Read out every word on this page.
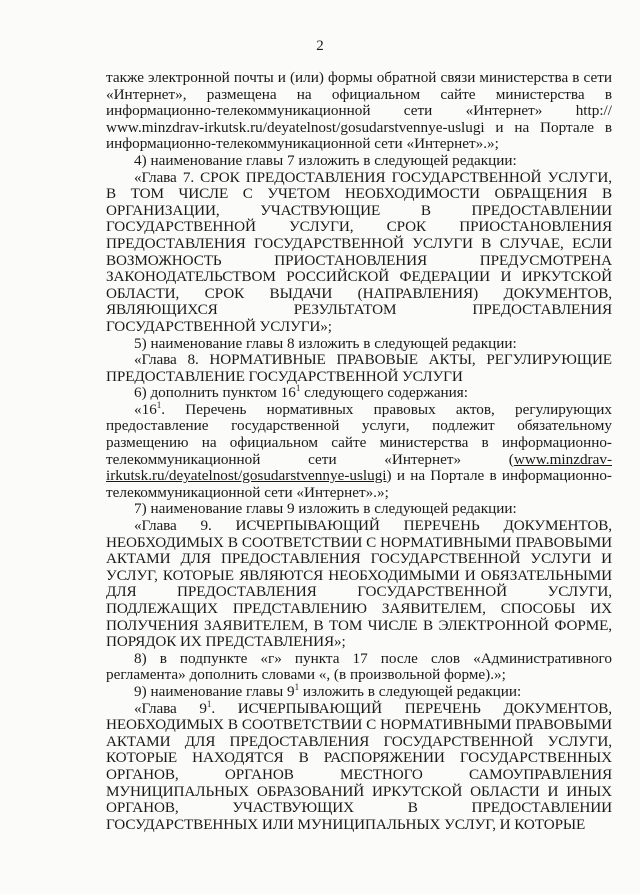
2

также электронной почты и (или) формы обратной связи министерства в сети «Интернет», размещена на официальном сайте министерства в информационно-телекоммуникационной сети «Интернет» http:// www.minzdrav-irkutsk.ru/deyatelnost/gosudarstvennye-uslugi и на Портале в информационно-телекоммуникационной сети «Интернет».»;

4) наименование главы 7 изложить в следующей редакции:

«Глава 7. СРОК ПРЕДОСТАВЛЕНИЯ ГОСУДАРСТВЕННОЙ УСЛУГИ, В ТОМ ЧИСЛЕ С УЧЕТОМ НЕОБХОДИМОСТИ ОБРАЩЕНИЯ В ОРГАНИЗАЦИИ, УЧАСТВУЮЩИЕ В ПРЕДОСТАВЛЕНИИ ГОСУДАРСТВЕННОЙ УСЛУГИ, СРОК ПРИОСТАНОВЛЕНИЯ ПРЕДОСТАВЛЕНИЯ ГОСУДАРСТВЕННОЙ УСЛУГИ В СЛУЧАЕ, ЕСЛИ ВОЗМОЖНОСТЬ ПРИОСТАНОВЛЕНИЯ ПРЕДУСМОТРЕНА ЗАКОНОДАТЕЛЬСТВОМ РОССИЙСКОЙ ФЕДЕРАЦИИ И ИРКУТСКОЙ ОБЛАСТИ, СРОК ВЫДАЧИ (НАПРАВЛЕНИЯ) ДОКУМЕНТОВ, ЯВЛЯЮЩИХСЯ РЕЗУЛЬТАТОМ ПРЕДОСТАВЛЕНИЯ ГОСУДАРСТВЕННОЙ УСЛУГИ»;

5) наименование главы 8 изложить в следующей редакции:

«Глава 8. НОРМАТИВНЫЕ ПРАВОВЫЕ АКТЫ, РЕГУЛИРУЮЩИЕ ПРЕДОСТАВЛЕНИЕ ГОСУДАРСТВЕННОЙ УСЛУГИ

6) дополнить пунктом $16^1$ следующего содержания:

«$16^1$. Перечень нормативных правовых актов, регулирующих предоставление государственной услуги, подлежит обязательному размещению на официальном сайте министерства в информационно-телекоммуникационной сети «Интернет» (www.minzdrav-irkutsk.ru/deyatelnost/gosudarstvennye-uslugi) и на Портале в информационно-телекоммуникационной сети «Интернет».»;

7) наименование главы 9 изложить в следующей редакции:

«Глава 9. ИСЧЕРПЫВАЮЩИЙ ПЕРЕЧЕНЬ ДОКУМЕНТОВ, НЕОБХОДИМЫХ В СООТВЕТСТВИИ С НОРМАТИВНЫМИ ПРАВОВЫМИ АКТАМИ ДЛЯ ПРЕДОСТАВЛЕНИЯ ГОСУДАРСТВЕННОЙ УСЛУГИ И УСЛУГ, КОТОРЫЕ ЯВЛЯЮТСЯ НЕОБХОДИМЫМИ И ОБЯЗАТЕЛЬНЫМИ ДЛЯ ПРЕДОСТАВЛЕНИЯ ГОСУДАРСТВЕННОЙ УСЛУГИ, ПОДЛЕЖАЩИХ ПРЕДСТАВЛЕНИЮ ЗАЯВИТЕЛЕМ, СПОСОБЫ ИХ ПОЛУЧЕНИЯ ЗАЯВИТЕЛЕМ, В ТОМ ЧИСЛЕ В ЭЛЕКТРОННОЙ ФОРМЕ, ПОРЯДОК ИХ ПРЕДСТАВЛЕНИЯ»;

8) в подпункте «г» пункта 17 после слов «Административного регламента» дополнить словами «, (в произвольной форме).»;

9) наименование главы $9^1$ изложить в следующей редакции:

«Глава $9^1$. ИСЧЕРПЫВАЮЩИЙ ПЕРЕЧЕНЬ ДОКУМЕНТОВ, НЕОБХОДИМЫХ В СООТВЕТСТВИИ С НОРМАТИВНЫМИ ПРАВОВЫМИ АКТАМИ ДЛЯ ПРЕДОСТАВЛЕНИЯ ГОСУДАРСТВЕННОЙ УСЛУГИ, КОТОРЫЕ НАХОДЯТСЯ В РАСПОРЯЖЕНИИ ГОСУДАРСТВЕННЫХ ОРГАНОВ, ОРГАНОВ МЕСТНОГО САМОУПРАВЛЕНИЯ МУНИЦИПАЛЬНЫХ ОБРАЗОВАНИЙ ИРКУТСКОЙ ОБЛАСТИ И ИНЫХ ОРГАНОВ, УЧАСТВУЮЩИХ В ПРЕДОСТАВЛЕНИИ ГОСУДАРСТВЕННЫХ ИЛИ МУНИЦИПАЛЬНЫХ УСЛУГ, И КОТОРЫЕ
